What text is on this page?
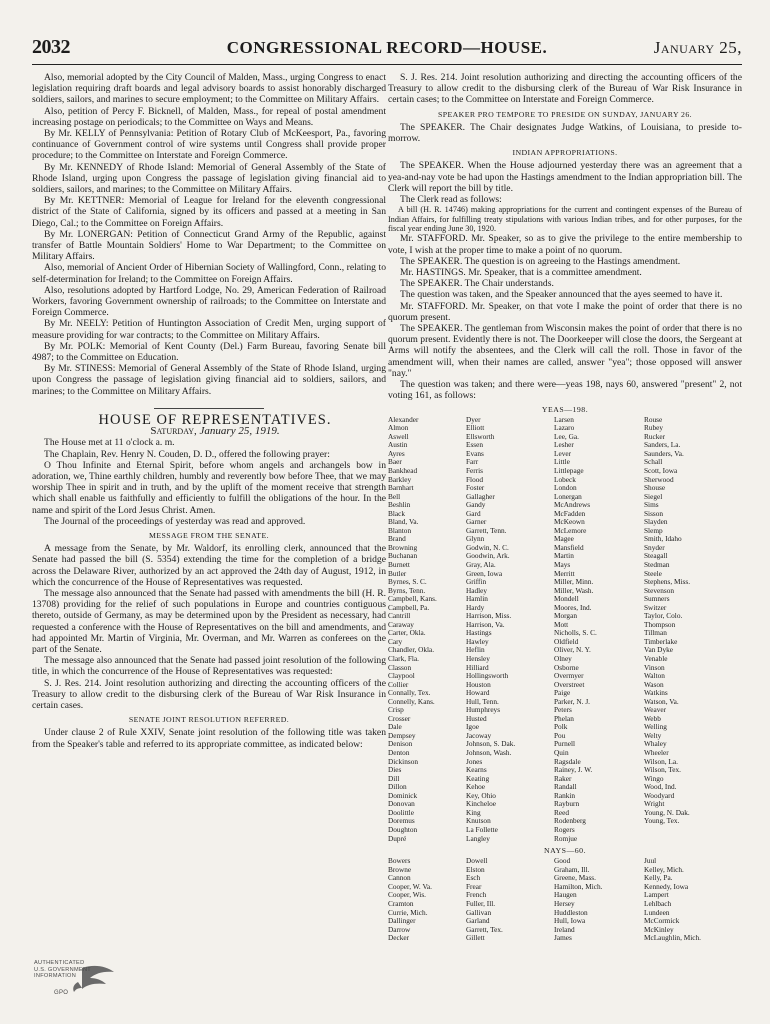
2032	CONGRESSIONAL RECORD—HOUSE.	January 25,

Also, memorial adopted by the City Council of Malden, Mass., urging Congress to enact legislation requiring draft boards and legal advisory boards to assist honorably discharged soldiers, sailors, and marines to secure employment; to the Committee on Military Affairs.

Also, petition of Percy F. Bicknell, of Malden, Mass., for repeal of postal amendment increasing postage on periodicals; to the Committee on Ways and Means.

By Mr. KELLY of Pennsylvania: Petition of Rotary Club of McKeesport, Pa., favoring continuance of Government control of wire systems until Congress shall provide proper procedure; to the Committee on Interstate and Foreign Commerce.

By Mr. KENNEDY of Rhode Island: Memorial of General Assembly of the State of Rhode Island, urging upon Congress the passage of legislation giving financial aid to soldiers, sailors, and marines; to the Committee on Military Affairs.

By Mr. KETTNER: Memorial of League for Ireland for the eleventh congressional district of the State of California, signed by its officers and passed at a meeting in San Diego, Cal.; to the Committee on Foreign Affairs.

By Mr. LONERGAN: Petition of Connecticut Grand Army of the Republic, against transfer of Battle Mountain Soldiers' Home to War Department; to the Committee on Military Affairs.

Also, memorial of Ancient Order of Hibernian Society of Wallingford, Conn., relating to self-determination for Ireland; to the Committee on Foreign Affairs.

Also, resolutions adopted by Hartford Lodge, No. 29, American Federation of Railroad Workers, favoring Government ownership of railroads; to the Committee on Interstate and Foreign Commerce.

By Mr. NEELY: Petition of Huntington Association of Credit Men, urging support of measure providing for war contracts; to the Committee on Military Affairs.

By Mr. POLK: Memorial of Kent County (Del.) Farm Bureau, favoring Senate bill 4987; to the Committee on Education.

By Mr. STINESS: Memorial of General Assembly of the State of Rhode Island, urging upon Congress the passage of legislation giving financial aid to soldiers, sailors, and marines; to the Committee on Military Affairs.

HOUSE OF REPRESENTATIVES.

Saturday, January 25, 1919.

The House met at 11 o'clock a. m.

The Chaplain, Rev. Henry N. Couden, D. D., offered the following prayer:

O Thou Infinite and Eternal Spirit, before whom angels and archangels bow in adoration, we, Thine earthly children, humbly and reverently bow before Thee, that we may worship Thee in spirit and in truth, and by the uplift of the moment receive that strength which shall enable us faithfully and efficiently to fulfill the obligations of the hour. In the name and spirit of the Lord Jesus Christ. Amen.

The Journal of the proceedings of yesterday was read and approved.

MESSAGE FROM THE SENATE.

A message from the Senate, by Mr. Waldorf, its enrolling clerk, announced that the Senate had passed the bill (S. 5354) extending the time for the completion of a bridge across the Delaware River, authorized by an act approved the 24th day of August, 1912, in which the concurrence of the House of Representatives was requested.

The message also announced that the Senate had passed with amendments the bill (H. R. 13708) providing for the relief of such populations in Europe and countries contiguous thereto, outside of Germany, as may be determined upon by the President as necessary, had requested a conference with the House of Representatives on the bill and amendments, and had appointed Mr. Martin of Virginia, Mr. Overman, and Mr. Warren as conferees on the part of the Senate.

The message also announced that the Senate had passed joint resolution of the following title, in which the concurrence of the House of Representatives was requested:

S. J. Res. 214. Joint resolution authorizing and directing the accounting officers of the Treasury to allow credit to the disbursing clerk of the Bureau of War Risk Insurance in certain cases.

SENATE JOINT RESOLUTION REFERRED.

Under clause 2 of Rule XXIV, Senate joint resolution of the following title was taken from the Speaker's table and referred to its appropriate committee, as indicated below:

S. J. Res. 214. Joint resolution authorizing and directing the accounting officers of the Treasury to allow credit to the disbursing clerk of the Bureau of War Risk Insurance in certain cases; to the Committee on Interstate and Foreign Commerce.

SPEAKER PRO TEMPORE TO PRESIDE ON SUNDAY, JANUARY 26.

The SPEAKER. The Chair designates Judge Watkins, of Louisiana, to preside to-morrow.

INDIAN APPROPRIATIONS.

The SPEAKER. When the House adjourned yesterday there was an agreement that a yea-and-nay vote be had upon the Hastings amendment to the Indian appropriation bill. The Clerk will report the bill by title.

The Clerk read as follows:

A bill (H. R. 14746) making appropriations for the current and contingent expenses of the Bureau of Indian Affairs, for fulfilling treaty stipulations with various Indian tribes, and for other purposes, for the fiscal year ending June 30, 1920.

Mr. STAFFORD. Mr. Speaker, so as to give the privilege to the entire membership to vote, I wish at the proper time to make a point of no quorum.

The SPEAKER. The question is on agreeing to the Hastings amendment.

Mr. HASTINGS. Mr. Speaker, that is a committee amendment.

The SPEAKER. The Chair understands.

The question was taken, and the Speaker announced that the ayes seemed to have it.

Mr. STAFFORD. Mr. Speaker, on that vote I make the point of order that there is no quorum present.

The SPEAKER. The gentleman from Wisconsin makes the point of order that there is no quorum present. Evidently there is not. The Doorkeeper will close the doors, the Sergeant at Arms will notify the absentees, and the Clerk will call the roll. Those in favor of the amendment will, when their names are called, answer "yea"; those opposed will answer "nay."

The question was taken; and there were—yeas 198, nays 60, answered "present" 2, not voting 161, as follows:

YEAS—198.
Alexander	Dyer	Larsen	Rouse
Almon	Elliott	Lazaro	Rubey
Aswell	Ellsworth	Lee, Ga.	Rucker
Austin	Essen	Lesher	Sanders, La.
Ayres	Evans	Lever	Saunders, Va.
Baer	Farr	Little	Schall
Bankhead	Ferris	Littlepage	Scott, Iowa
Barkley	Flood	Lobeck	Sherwood
Barnhart	Foster	London	Shouse
Bell	Gallagher	Lonergan	Siegel
Beshlin	Gandy	McAndrews	Sims
Black	Gard	McFadden	Sisson
Bland, Va.	Garner	McKeown	Slayden
Blanton	Garrett, Tenn.	McLemore	Slemp
Brand	Glynn	Magee	Smith, Idaho
Browning	Godwin, N. C.	Mansfield	Snyder
Buchanan	Goodwin, Ark.	Martin	Steagall
Burnett	Gray, Ala.	Mays	Stedman
Butler	Green, Iowa	Merritt	Steele
Byrnes, S. C.	Griffin	Miller, Minn.	Stephens, Miss.
Byrns, Tenn.	Hadley	Miller, Wash.	Stevenson
Campbell, Kans.	Hamlin	Mondell	Sumners
Campbell, Pa.	Hardy	Moores, Ind.	Switzer
Cantrill	Harrison, Miss.	Morgan	Taylor, Colo.
Caraway	Harrison, Va.	Mott	Thompson
Carter, Okla.	Hastings	Nicholls, S. C.	Tillman
Cary	Hawley	Oldfield	Timberlake
Chandler, Okla.	Heflin	Oliver, N. Y.	Van Dyke
Clark, Fla.	Hensley	Olney	Venable
Classon	Hilliard	Osborne	Vinson
Claypool	Hollingsworth	Overmyer	Walton
Collier	Houston	Overstreet	Wason
Connally, Tex.	Howard	Paige	Watkins
Connelly, Kans.	Hull, Tenn.	Parker, N. J.	Watson, Va.
Crisp	Humphreys	Peters	Weaver
Crosser	Husted	Phelan	Webb
Dale	Igoe	Polk	Welling
Dempsey	Jacoway	Pou	Welty
Denison	Johnson, S. Dak.	Purnell	Whaley
Denton	Johnson, Wash.	Quin	Wheeler
Dickinson	Jones	Ragsdale	Wilson, La.
Dies	Kearns	Rainey, J. W.	Wilson, Tex.
Dill	Keating	Raker	Wingo
Dillon	Kehoe	Randall	Wood, Ind.
Dominick	Key, Ohio	Rankin	Woodyard
Donovan	Kincheloe	Rayburn	Wright
Doolittle	King	Reed	Young, N. Dak.
Doremus	Knutson	Rodenberg	Young, Tex.
Doughton	La Follette	Rogers
Dupré	Langley	Romjue
NAYS—60.
Bowers	Dowell	Good	Juul
Browne	Elston	Graham, Ill.	Kelley, Mich.
Cannon	Esch	Greene, Mass.	Kelly, Pa.
Cooper, W. Va.	Frear	Hamilton, Mich.	Kennedy, Iowa
Cooper, Wis.	French	Haugen	Lampert
Cramton	Fuller, Ill.	Hersey	Lehlbach
Currie, Mich.	Gallivan	Huddleston	Lundeen
Dallinger	Garland	Hull, Iowa	McCormick
Darrow	Garrett, Tex.	Ireland	McKinley
Decker	Gillett	James	McLaughlin, Mich.
AUTHENTICATED
U.S. GOVERNMENT
INFORMATION
GPO
